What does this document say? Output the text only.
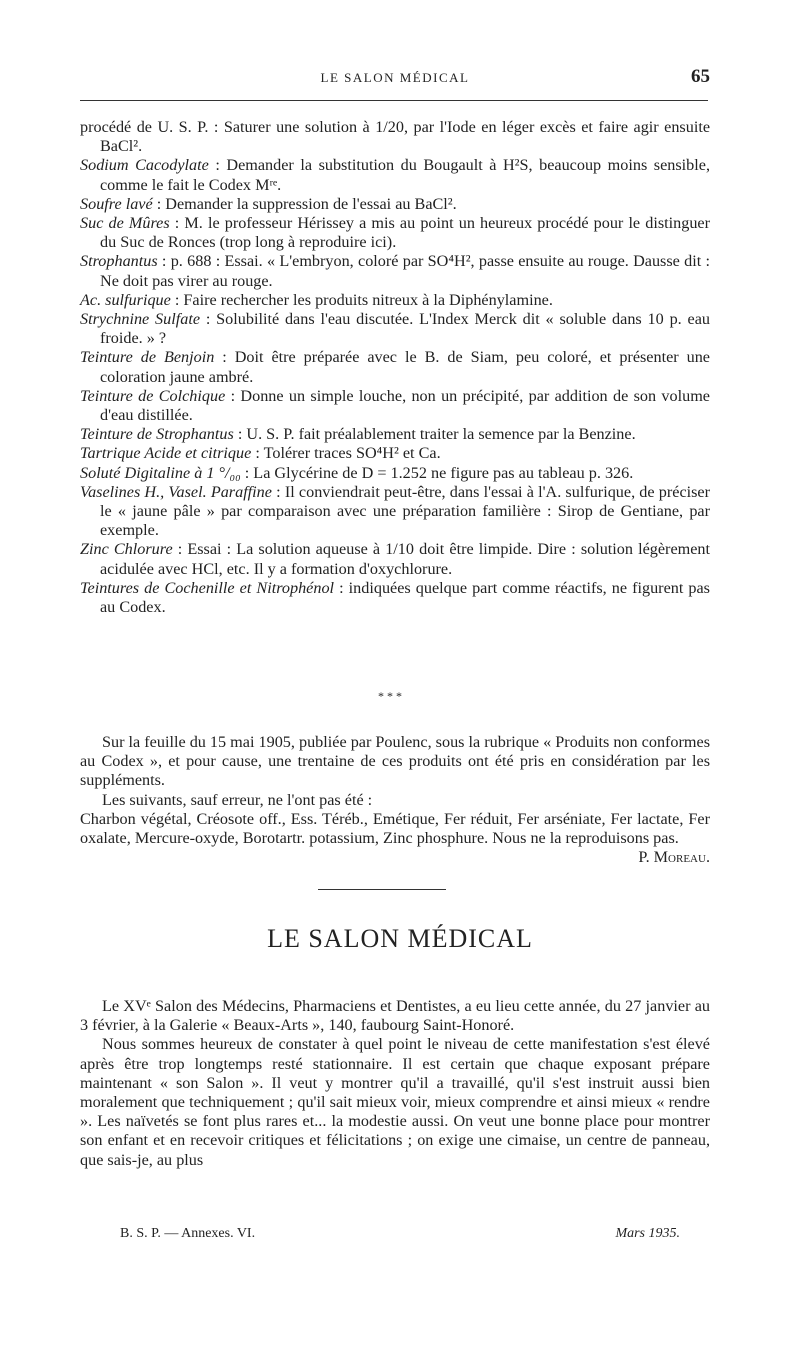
LE SALON MÉDICAL	65

procédé de U. S. P. : Saturer une solution à 1/20, par l'Iode en léger excès et faire agir ensuite BaCl².

Sodium Cacodylate : Demander la substitution du Bougault à H²S, beaucoup moins sensible, comme le fait le Codex Mʳᵉ.

Soufre lavé : Demander la suppression de l'essai au BaCl².

Suc de Mûres : M. le professeur Hérissey a mis au point un heureux procédé pour le distinguer du Suc de Ronces (trop long à reproduire ici).

Strophantus : p. 688 : Essai. « L'embryon, coloré par SO⁴H², passe ensuite au rouge. Dausse dit : Ne doit pas virer au rouge.

Ac. sulfurique : Faire rechercher les produits nitreux à la Diphénylamine.

Strychnine Sulfate : Solubilité dans l'eau discutée. L'Index Merck dit « soluble dans 10 p. eau froide. » ?

Teinture de Benjoin : Doit être préparée avec le B. de Siam, peu coloré, et présenter une coloration jaune ambré.

Teinture de Colchique : Donne un simple louche, non un précipité, par addition de son volume d'eau distillée.

Teinture de Strophantus : U. S. P. fait préalablement traiter la semence par la Benzine.

Tartrique Acide et citrique : Tolérer traces SO⁴H² et Ca.

Soluté Digitaline à 1 °/₀₀ : La Glycérine de D = 1.252 ne figure pas au tableau p. 326.

Vaselines H., Vasel. Paraffine : Il conviendrait peut-être, dans l'essai à l'A. sulfurique, de préciser le « jaune pâle » par comparaison avec une préparation familière : Sirop de Gentiane, par exemple.

Zinc Chlorure : Essai : La solution aqueuse à 1/10 doit être limpide. Dire : solution légèrement acidulée avec HCl, etc. Il y a formation d'oxychlorure.

Teintures de Cochenille et Nitrophénol : indiquées quelque part comme réactifs, ne figurent pas au Codex.

* * *

Sur la feuille du 15 mai 1905, publiée par Poulenc, sous la rubrique « Produits non conformes au Codex », et pour cause, une trentaine de ces produits ont été pris en considération par les suppléments.

Les suivants, sauf erreur, ne l'ont pas été :

Charbon végétal, Créosote off., Ess. Téréb., Emétique, Fer réduit, Fer arséniate, Fer lactate, Fer oxalate, Mercure-oxyde, Borotartr. potassium, Zinc phosphure. Nous ne la reproduisons pas.
P. Moreau.

LE SALON MÉDICAL

Le XVᵉ Salon des Médecins, Pharmaciens et Dentistes, a eu lieu cette année, du 27 janvier au 3 février, à la Galerie « Beaux-Arts », 140, faubourg Saint-Honoré.

Nous sommes heureux de constater à quel point le niveau de cette manifestation s'est élevé après être trop longtemps resté stationnaire. Il est certain que chaque exposant prépare maintenant « son Salon ». Il veut y montrer qu'il a travaillé, qu'il s'est instruit aussi bien moralement que techniquement ; qu'il sait mieux voir, mieux comprendre et ainsi mieux « rendre ». Les naïvetés se font plus rares et... la modestie aussi. On veut une bonne place pour montrer son enfant et en recevoir critiques et félicitations ; on exige une cimaise, un centre de panneau, que sais-je, au plus

B. S. P. — Annexes. VI.	Mars 1935.
